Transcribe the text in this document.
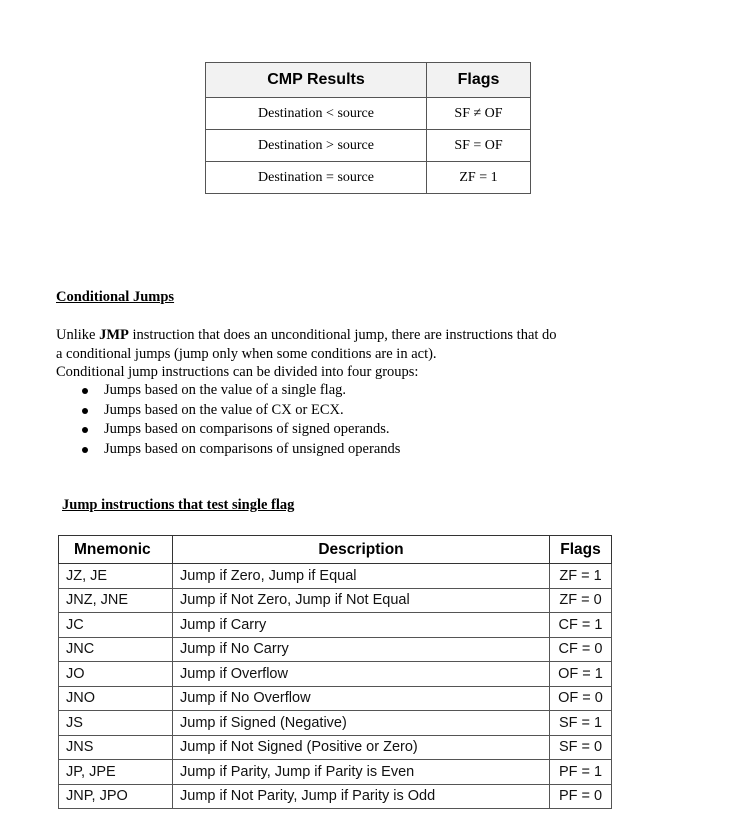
CMP Results	Flags
Destination < source	SF ≠ OF
Destination > source	SF = OF
Destination = source	ZF = 1
Conditional Jumps

Unlike JMP instruction that does an unconditional jump, there are instructions that do

a conditional jumps (jump only when some conditions are in act).

Conditional jump instructions can be divided into four groups:

Jumps based on the value of a single flag.
Jumps based on the value of CX or ECX.
Jumps based on comparisons of signed operands.
Jumps based on comparisons of unsigned operands
Jump instructions that test single flag
Mnemonic	Description	Flags
JZ, JE	Jump if Zero, Jump if Equal	ZF = 1
JNZ, JNE	Jump if Not Zero, Jump if Not Equal	ZF = 0
JC	Jump if Carry	CF = 1
JNC	Jump if No Carry	CF = 0
JO	Jump if Overflow	OF = 1
JNO	Jump if No Overflow	OF = 0
JS	Jump if Signed (Negative)	SF = 1
JNS	Jump if Not Signed (Positive or Zero)	SF = 0
JP, JPE	Jump if Parity, Jump if Parity is Even	PF = 1
JNP, JPO	Jump if Not Parity, Jump if Parity is Odd	PF = 0
